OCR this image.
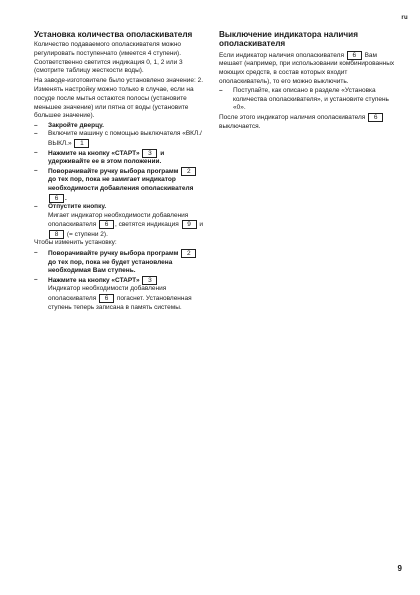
ru
Установка количества ополаскивателя

Количество подаваемого ополаскивателя можно регулировать поступенчато (имеется 4 ступени). Соответственно светится индикация 0, 1, 2 или 3 (смотрите таблицу жесткости воды).

На заводе-изготовителе было установлено значение: 2.

Изменять настройку можно только в случае, если на посуде после мытья остаются полосы (установите меньшее значение) или пятна от воды (установите большее значение).

– Закройте дверцу.
– Включите машину с помощью выключателя «ВКЛ./ВЫКЛ.» 1
– Нажмите на кнопку «СТАРТ» 3 и удерживайте ее в этом положении.
– Поворачивайте ручку выбора программ 2 до тех пор, пока не замигает индикатор необходимости добавления ополаскивателя 6 .
– Отпустите кнопку.
Мигает индикатор необходимости добавления ополаскивателя 6 , светятся индикация 9 и 8 (= ступени 2).

Чтобы изменить установку:

– Поворачивайте ручку выбора программ 2 до тех пор, пока не будет установлена необходимая Вам ступень.
– Нажмите на кнопку «СТАРТ» 3
Индикатор необходимости добавления ополаскивателя 6 погаснет. Установленная ступень теперь записана в память системы.
Выключение индикатора наличия ополаскивателя

Если индикатор наличия ополаскивателя 6 Вам мешает (например, при использовании комбинированных моющих средств, в состав которых входит ополаскиватель), то его можно выключить.

– Поступайте, как описано в разделе «Установка количества ополаскивателя», и установите ступень «0».

После этого индикатор наличия ополаскивателя 6 выключается.

9
